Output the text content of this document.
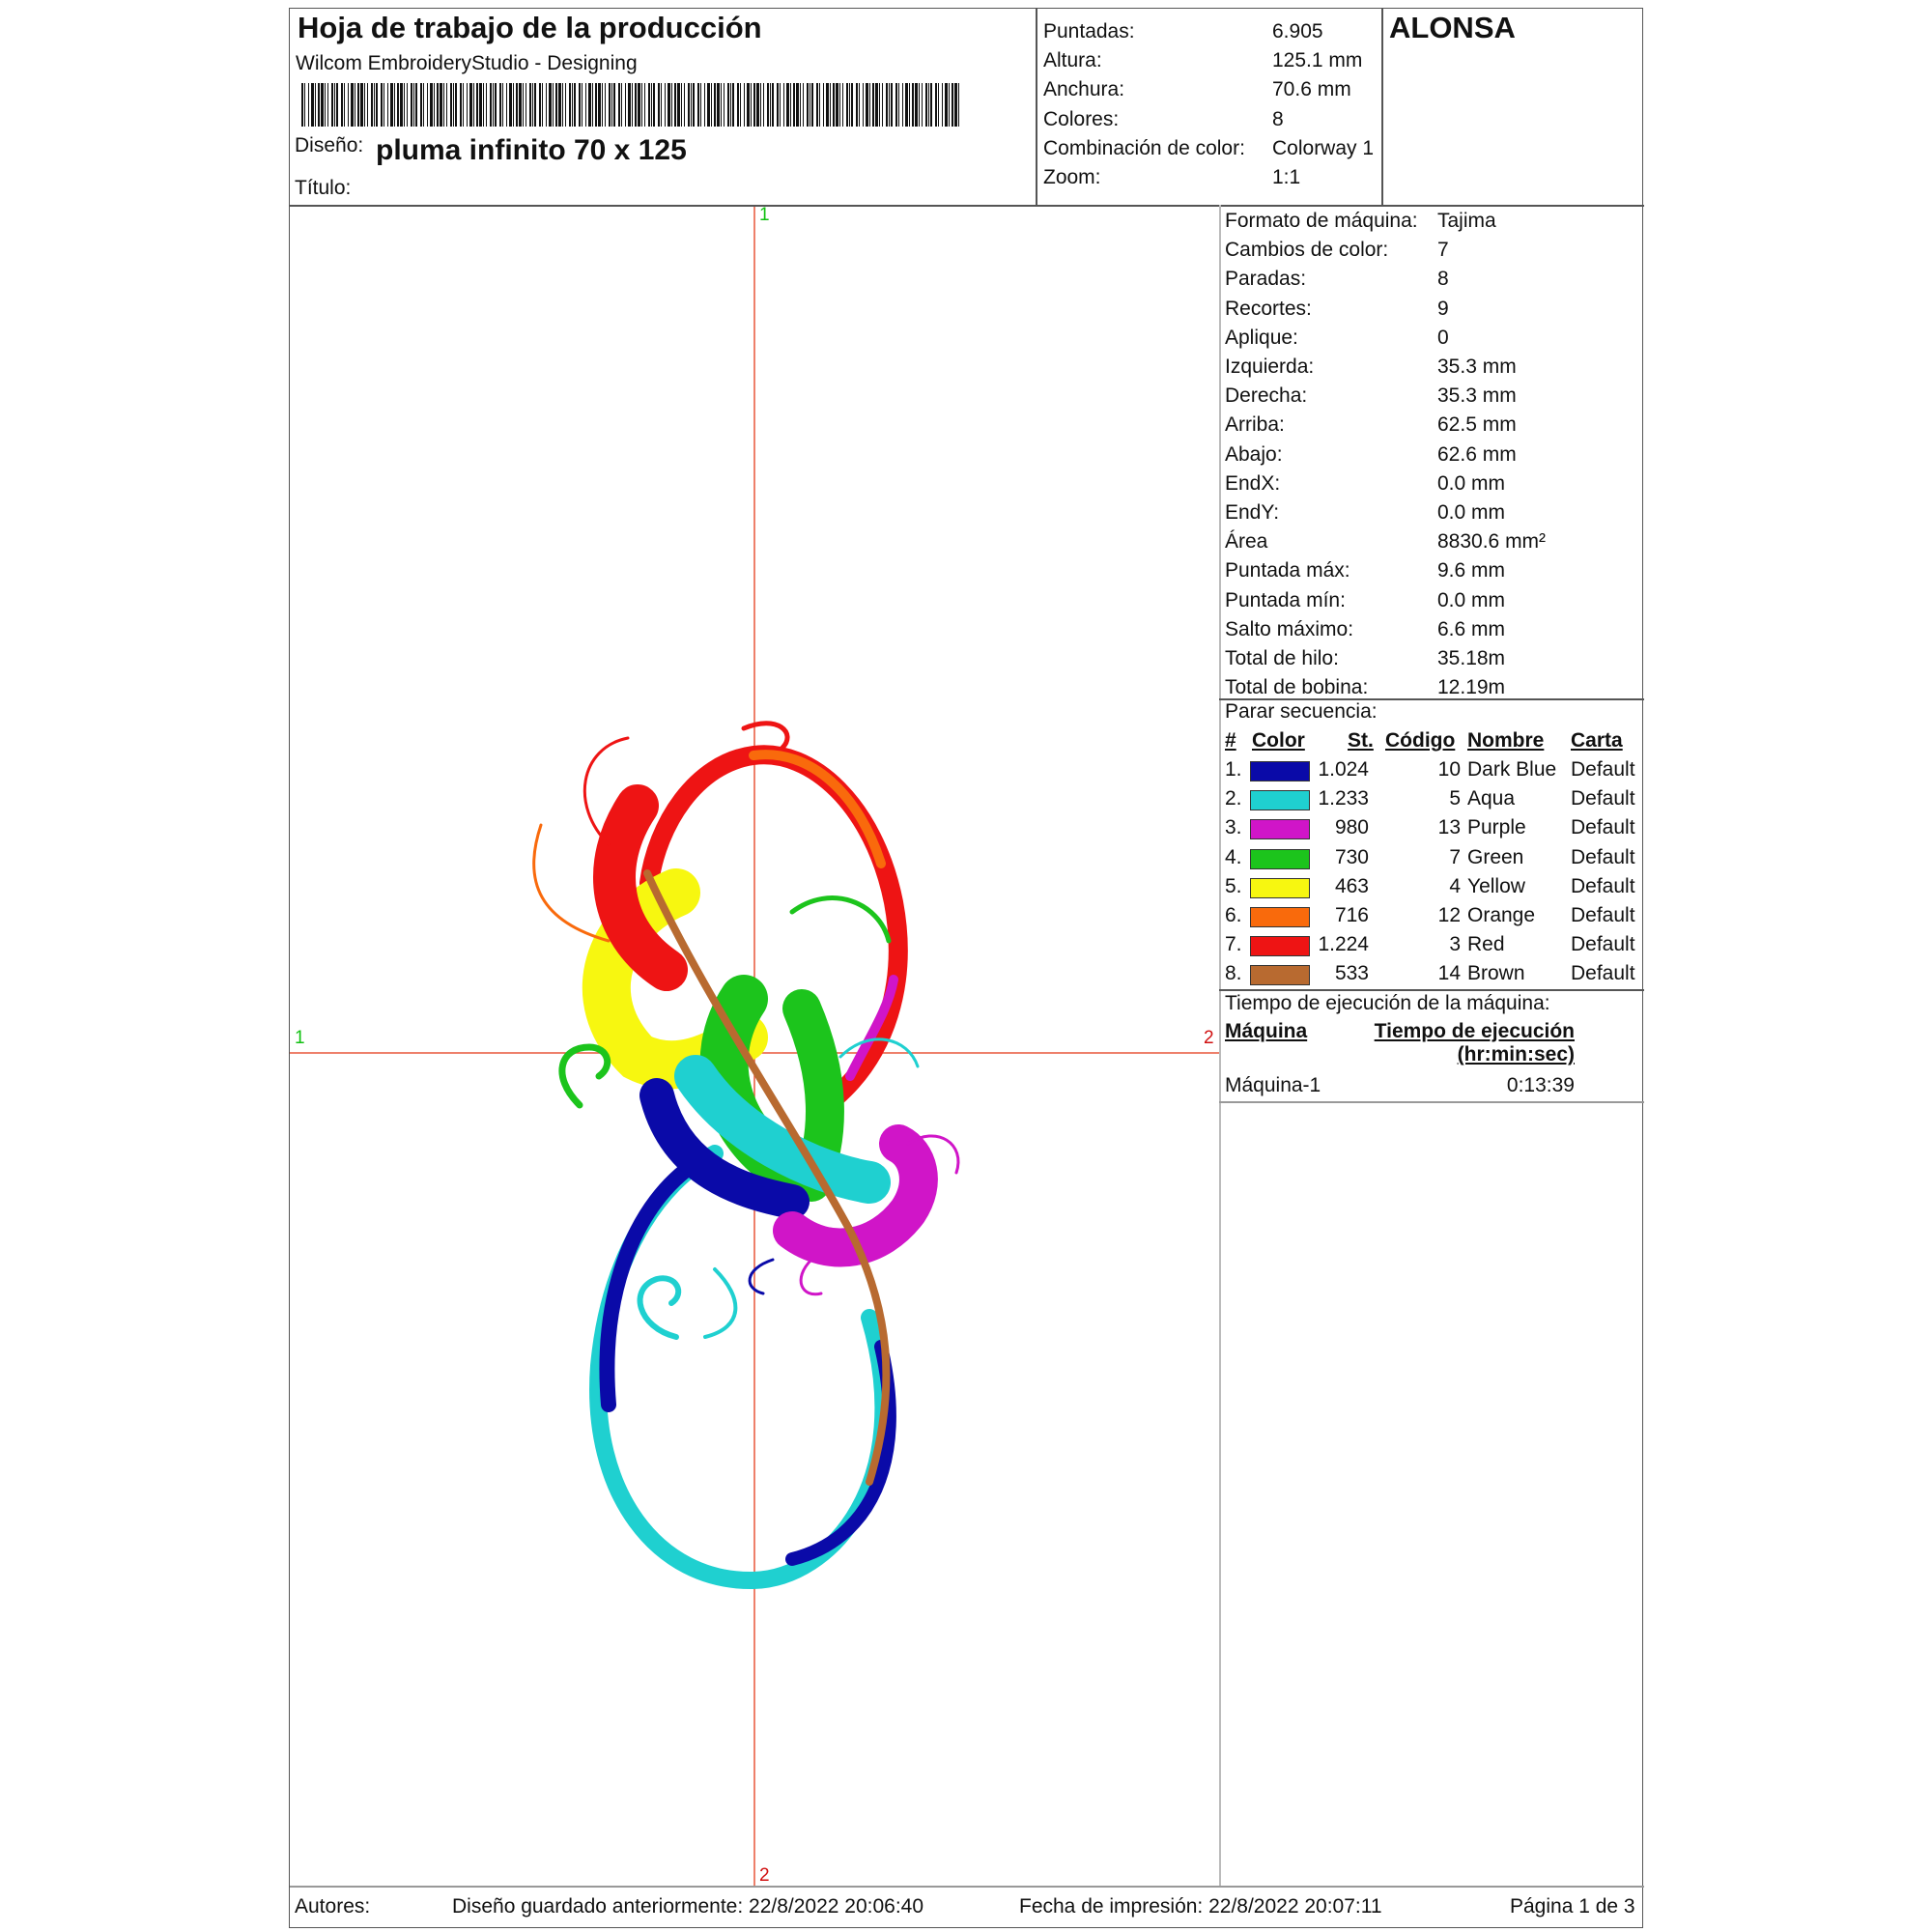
Hoja de trabajo de la producción
Wilcom EmbroideryStudio - Designing
Diseño: pluma infinito 70 x 125
Título:
Puntadas:	6.905
Altura:	125.1 mm
Anchura:	70.6 mm
Colores:	8
Combinación de color: Colorway 1
Zoom:	1:1
ALONSA
Formato de máquina: Tajima
Cambios de color: 7
Paradas:	8
Recortes:	9
Aplique:	0
Izquierda:	35.3 mm
Derecha:	35.3 mm
Arriba:	62.5 mm
Abajo:	62.6 mm
EndX:	0.0 mm
EndY:	0.0 mm
Área	8830.6 mm²
Puntada máx:	9.6 mm
Puntada mín:	0.0 mm
Salto máximo:	6.6 mm
Total de hilo:	35.18m
Total de bobina:	12.19m
Parar secuencia:
# Color St. Código Nombre Carta
1.	1.024	10 Dark Blue Default
2.	1.233	5 Aqua	Default
3.	980	13 Purple Default
4.	730	7 Green Default
5.	463	4 Yellow Default
6.	716	12 Orange Default
7.	1.224	3 Red	Default
8.	533	14 Brown Default
Tiempo de ejecución de la máquina:
Máquina	Tiempo de ejecución
(hr:min:sec)
Máquina-1	0:13:39
1
1	2
2
Autores:	Diseño guardado anteriormente: 22/8/2022 20:06:40	Fecha de impresión: 22/8/2022 20:07:11	Página 1 de 3
